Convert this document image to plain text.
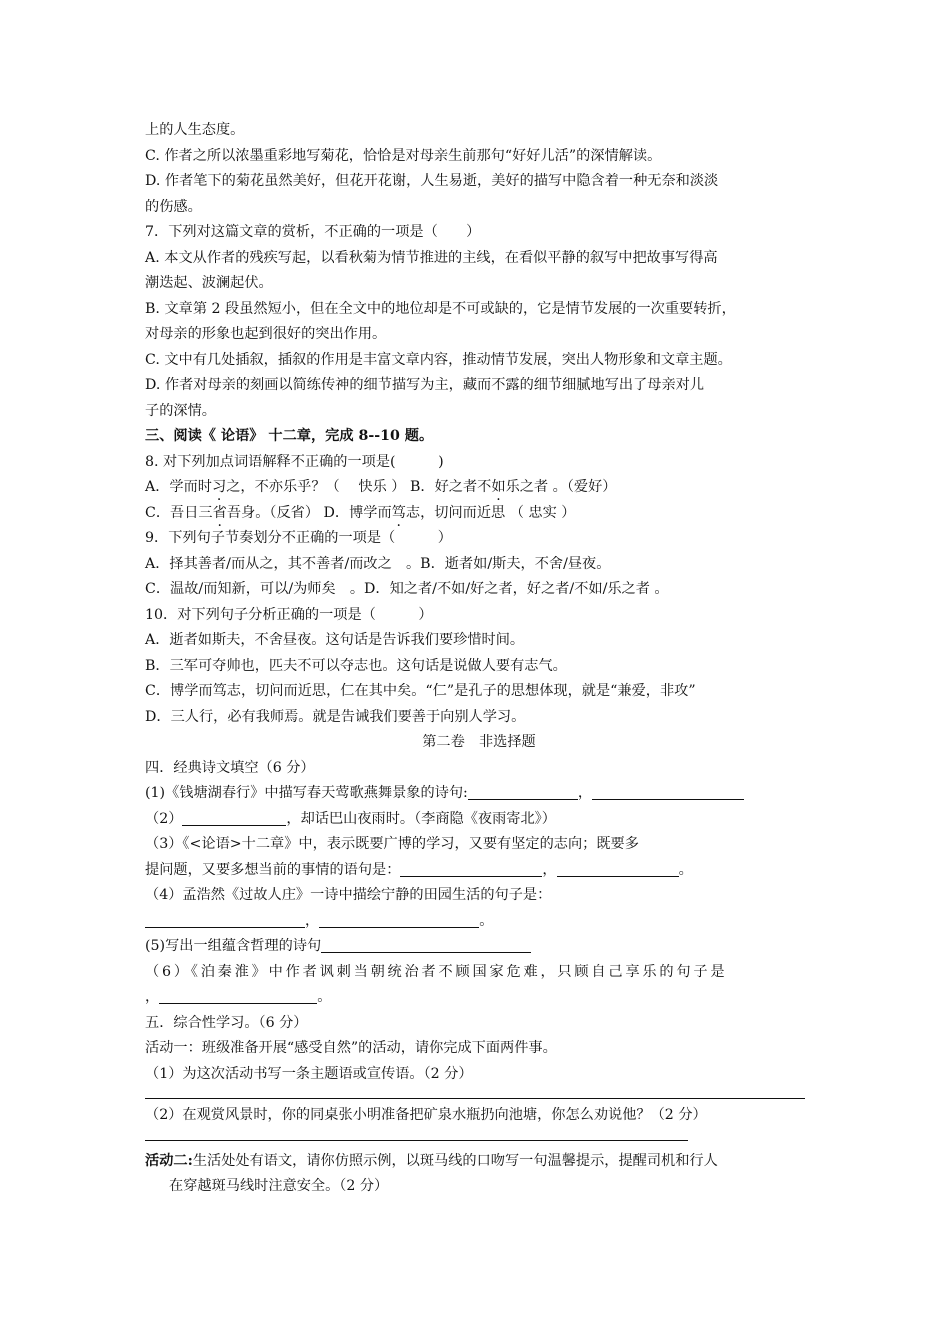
上的人生态度。
C. 作者之所以浓墨重彩地写菊花，恰恰是对母亲生前那句“好好儿活”的深情解读。
D. 作者笔下的菊花虽然美好，但花开花谢，人生易逝，美好的描写中隐含着一种无奈和淡淡
的伤感。
7．下列对这篇文章的赏析，不正确的一项是（　　）
A. 本文从作者的残疾写起，以看秋菊为情节推进的主线，在看似平静的叙写中把故事写得高
潮迭起、波澜起伏。
B. 文章第 2 段虽然短小，但在全文中的地位却是不可或缺的，它是情节发展的一次重要转折，
对母亲的形象也起到很好的突出作用。
C. 文中有几处插叙，插叙的作用是丰富文章内容，推动情节发展，突出人物形象和文章主题。
D. 作者对母亲的刻画以简练传神的细节描写为主，藏而不露的细节细腻地写出了母亲对儿
子的深情。
三、阅读《 论语》 十二章，完成 8--10 题。
8. 对下列加点词语解释不正确的一项是(　　　)
A．学而时习之，不亦乐乎？（　 快乐 ） B．好之者不如乐之者 。（爱好）
C．吾日三省吾身。（反省） D．博学而笃志，切问而近思 （ 忠实 ）
9．下列句子节奏划分不正确的一项是（　　　）
A．择其善者/而从之，其不善者/而改之　。B．逝者如/斯夫，不舍/昼夜。
C．温故/而知新，可以/为师矣　。D．知之者/不如/好之者，好之者/不如/乐之者 。
10．对下列句子分析正确的一项是（　　　）
A．逝者如斯夫，不舍昼夜。这句话是告诉我们要珍惜时间。
B．三军可夺帅也，匹夫不可以夺志也。这句话是说做人要有志气。
C．博学而笃志，切问而近思，仁在其中矣。“仁”是孔子的思想体现，就是“兼爱，非攻”
D．三人行，必有我师焉。就是告诫我们要善于向别人学习。
第二卷　非选择题
四．经典诗文填空（6 分）
(1)《钱塘湖春行》中描写春天莺歌燕舞景象的诗句:	，
（2）	，却话巴山夜雨时。（李商隐《夜雨寄北》）
（3）《<论语>十二章》中，表示既要广博的学习，又要有坚定的志向；既要多
提问题，又要多想当前的事情的语句是：	，	。
（4）孟浩然《过故人庄》一诗中描绘宁静的田园生活的句子是：
，	。
(5)写出一组蕴含哲理的诗句
（6）《泊秦淮》中作者讽刺当朝统治者不顾国家危难，只顾自己享乐的句子是
，	。
五．综合性学习。（6 分）
活动一：班级准备开展“感受自然”的活动，请你完成下面两件事。
（1）为这次活动书写一条主题语或宣传语。（2 分）
（2）在观赏风景时，你的同桌张小明准备把矿泉水瓶扔向池塘，你怎么劝说他？（2 分）
活动二:生活处处有语文，请你仿照示例，以斑马线的口吻写一句温馨提示，提醒司机和行人
在穿越斑马线时注意安全。（2 分）
